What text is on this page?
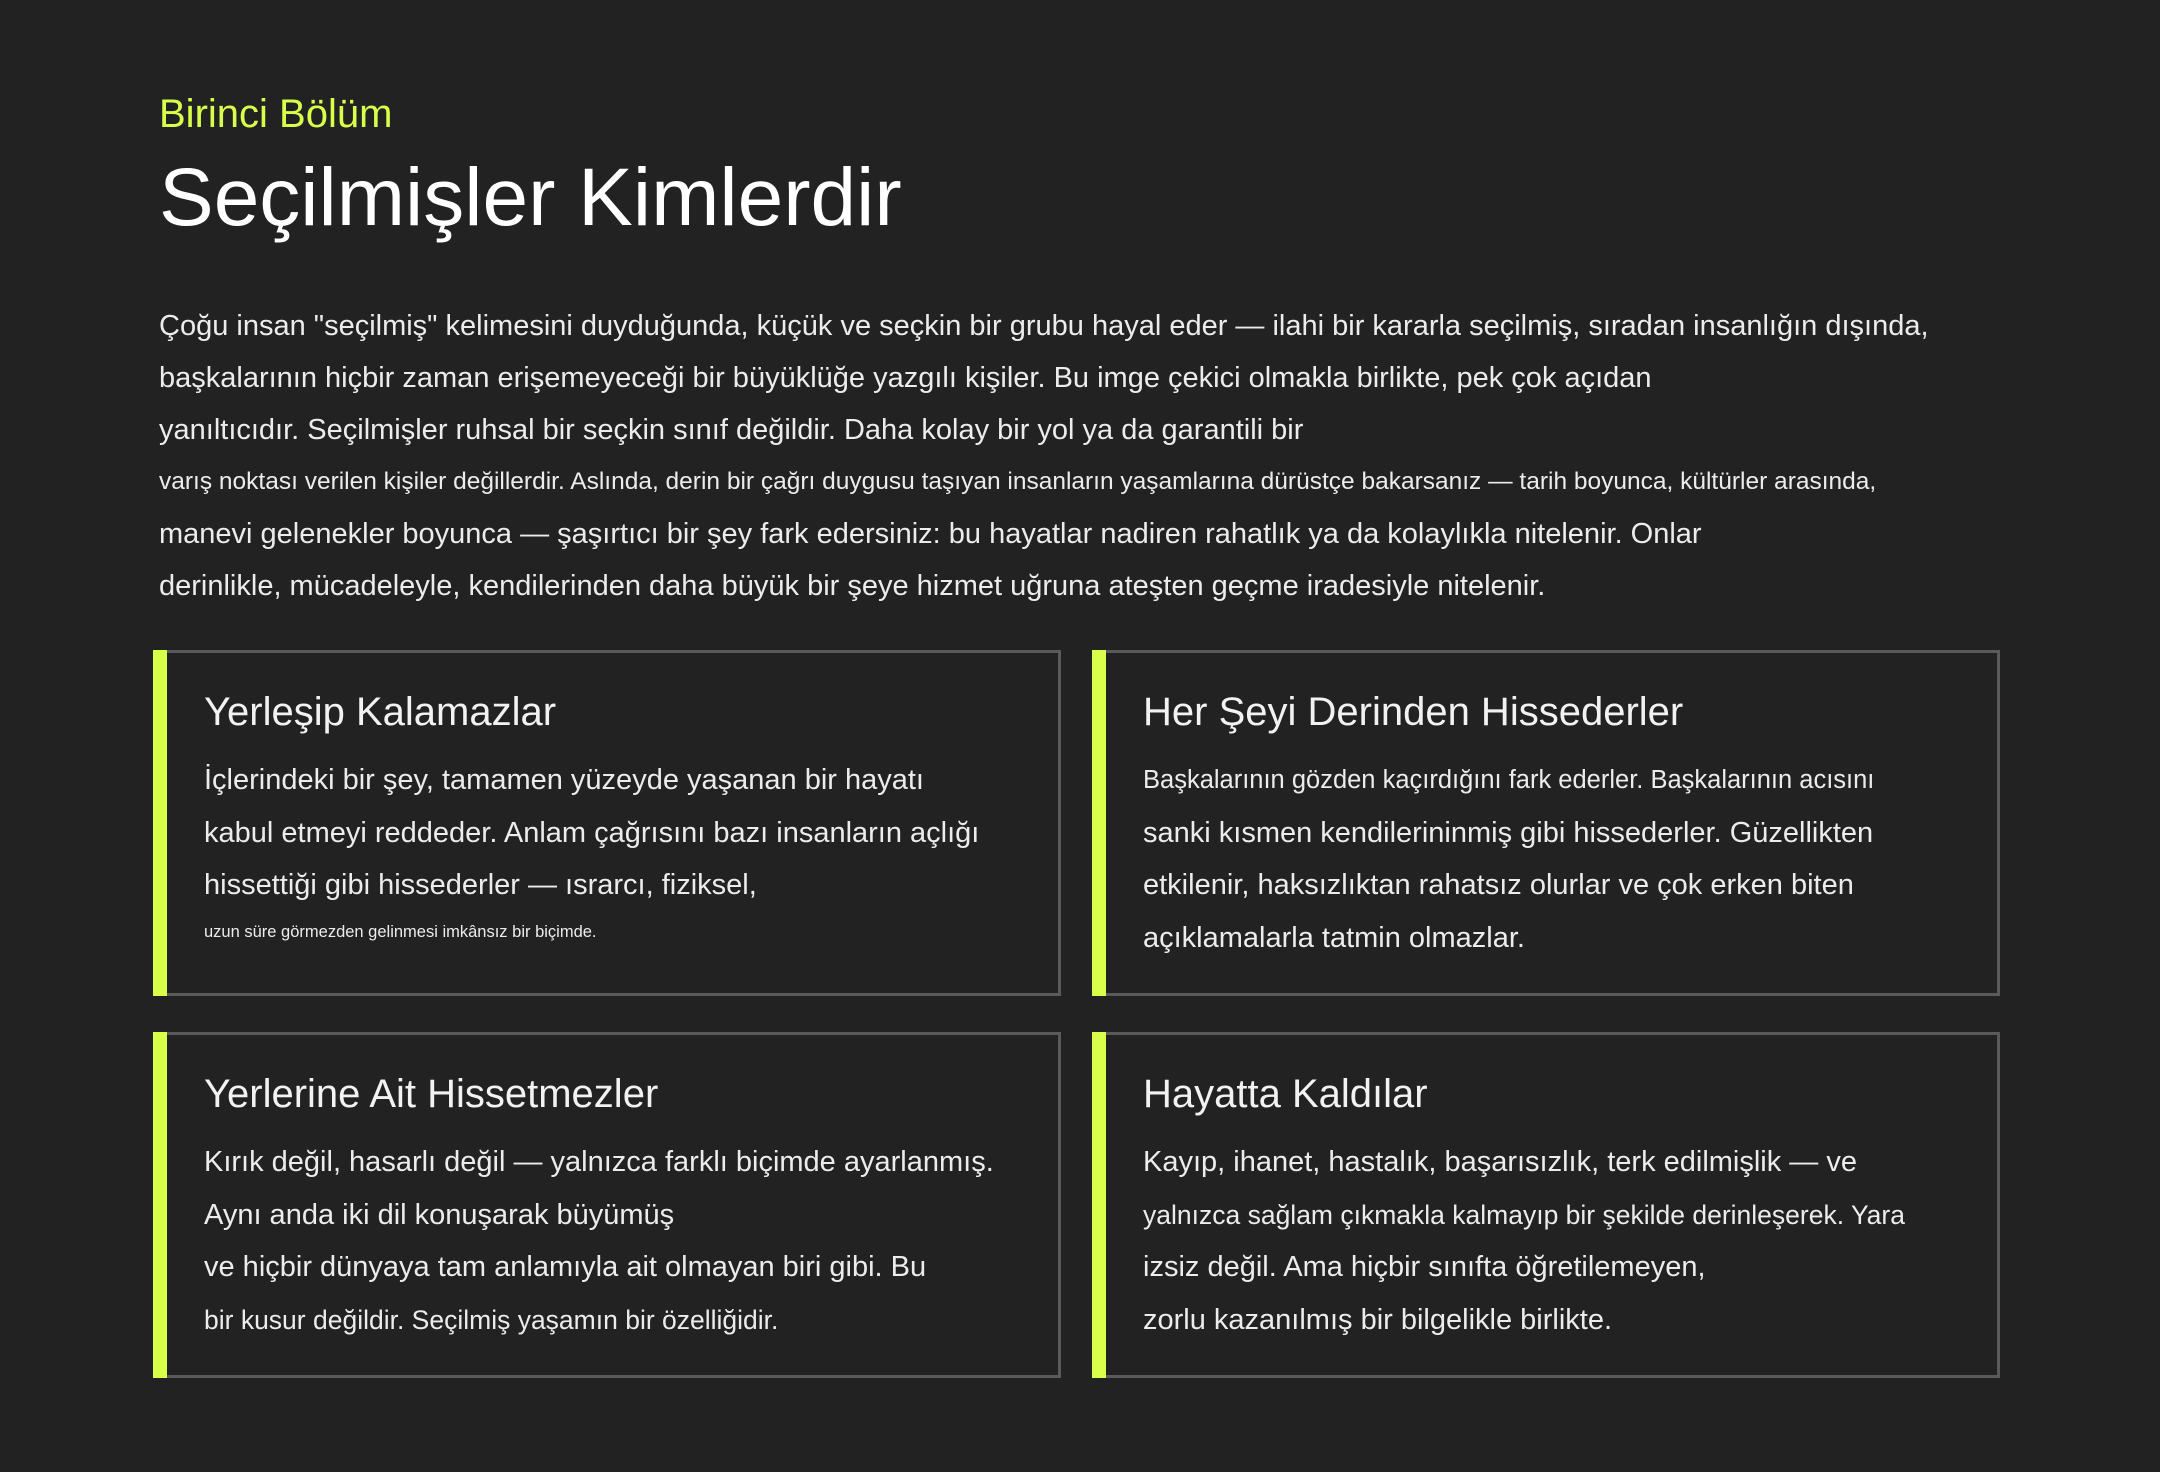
Birinci Bölüm
Seçilmişler Kimlerdir
Çoğu insan "seçilmiş" kelimesini duyduğunda, küçük ve seçkin bir grubu hayal eder — ilahi bir kararla seçilmiş, sıradan insanlığın dışında,
başkalarının hiçbir zaman erişemeyeceği bir büyüklüğe yazgılı kişiler. Bu imge çekici olmakla birlikte, pek çok açıdan
yanıltıcıdır. Seçilmişler ruhsal bir seçkin sınıf değildir. Daha kolay bir yol ya da garantili bir
varış noktası verilen kişiler değillerdir. Aslında, derin bir çağrı duygusu taşıyan insanların yaşamlarına dürüstçe bakarsanız — tarih boyunca, kültürler arasında,
manevi gelenekler boyunca — şaşırtıcı bir şey fark edersiniz: bu hayatlar nadiren rahatlık ya da kolaylıkla nitelenir. Onlar
derinlikle, mücadeleyle, kendilerinden daha büyük bir şeye hizmet uğruna ateşten geçme iradesiyle nitelenir.
Yerleşip Kalamazlar
İçlerindeki bir şey, tamamen yüzeyde yaşanan bir hayatı
kabul etmeyi reddeder. Anlam çağrısını bazı insanların açlığı
hissettiği gibi hissederler — ısrarcı, fiziksel,
uzun süre görmezden gelinmesi imkânsız bir biçimde.
Her Şeyi Derinden Hissederler
Başkalarının gözden kaçırdığını fark ederler. Başkalarının acısını
sanki kısmen kendilerininmiş gibi hissederler. Güzellikten
etkilenir, haksızlıktan rahatsız olurlar ve çok erken biten
açıklamalarla tatmin olmazlar.
Yerlerine Ait Hissetmezler
Kırık değil, hasarlı değil — yalnızca farklı biçimde ayarlanmış.
Aynı anda iki dil konuşarak büyümüş
ve hiçbir dünyaya tam anlamıyla ait olmayan biri gibi. Bu
bir kusur değildir. Seçilmiş yaşamın bir özelliğidir.
Hayatta Kaldılar
Kayıp, ihanet, hastalık, başarısızlık, terk edilmişlik — ve
yalnızca sağlam çıkmakla kalmayıp bir şekilde derinleşerek. Yara
izsiz değil. Ama hiçbir sınıfta öğretilemeyen,
zorlu kazanılmış bir bilgelikle birlikte.
